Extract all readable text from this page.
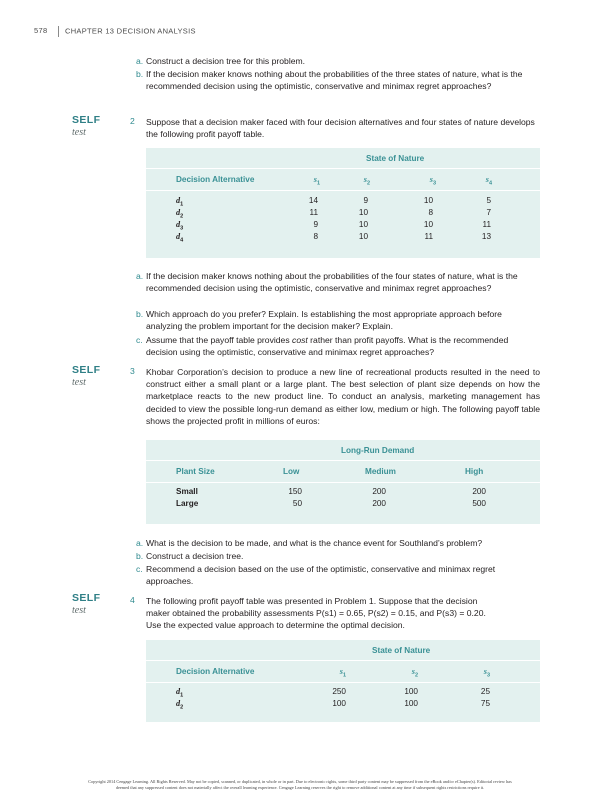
578 CHAPTER 13 DECISION ANALYSIS
a. Construct a decision tree for this problem.
b. If the decision maker knows nothing about the probabilities of the three states of nature, what is the recommended decision using the optimistic, conservative and minimax regret approaches?
SELF
test
2 Suppose that a decision maker faced with four decision alternatives and four states of nature develops the following profit payoff table.
State of Nature
Decision Alternative	$s_1$	$s_2$	$s_3$	$s_4$
$d_1$	14	9	10	5
$d_2$	11	10	8	7
$d_3$	9	10	10	11
$d_4$	8	10	11	13
a. If the decision maker knows nothing about the probabilities of the four states of nature, what is the recommended decision using the optimistic, conservative and minimax regret approaches?
b. Which approach do you prefer? Explain. Is establishing the most appropriate approach before analyzing the problem important for the decision maker? Explain.
c. Assume that the payoff table provides cost rather than profit payoffs. What is the recommended decision using the optimistic, conservative and minimax regret approaches?
SELF
test
3 Khobar Corporation’s decision to produce a new line of recreational products resulted in the need to construct either a small plant or a large plant. The best selection of plant size depends on how the marketplace reacts to the new product line. To conduct an analysis, marketing management has decided to view the possible long-run demand as either low, medium or high. The following payoff table shows the projected profit in millions of euros:
Long-Run Demand
Plant Size	Low	Medium	High
Small	150	200	200
Large	50	200	500
a. What is the decision to be made, and what is the chance event for Southland’s problem?
b. Construct a decision tree.
c. Recommend a decision based on the use of the optimistic, conservative and minimax regret approaches.
SELF
test
4 The following profit payoff table was presented in Problem 1. Suppose that the decision
maker obtained the probability assessments P(s1) = 0.65, P(s2) = 0.15, and P(s3) = 0.20.
Use the expected value approach to determine the optimal decision.
State of Nature
Decision Alternative	$s_1$	$s_2$	$s_3$
$d_1$	250	100	25
$d_2$	100	100	75
Copyright 2014 Cengage Learning. All Rights Reserved. May not be copied, scanned, or duplicated, in whole or in part. Due to electronic rights, some third party content may be suppressed from the eBook and/or eChapter(s). Editorial review has
deemed that any suppressed content does not materially affect the overall learning experience. Cengage Learning reserves the right to remove additional content at any time if subsequent rights restrictions require it.
